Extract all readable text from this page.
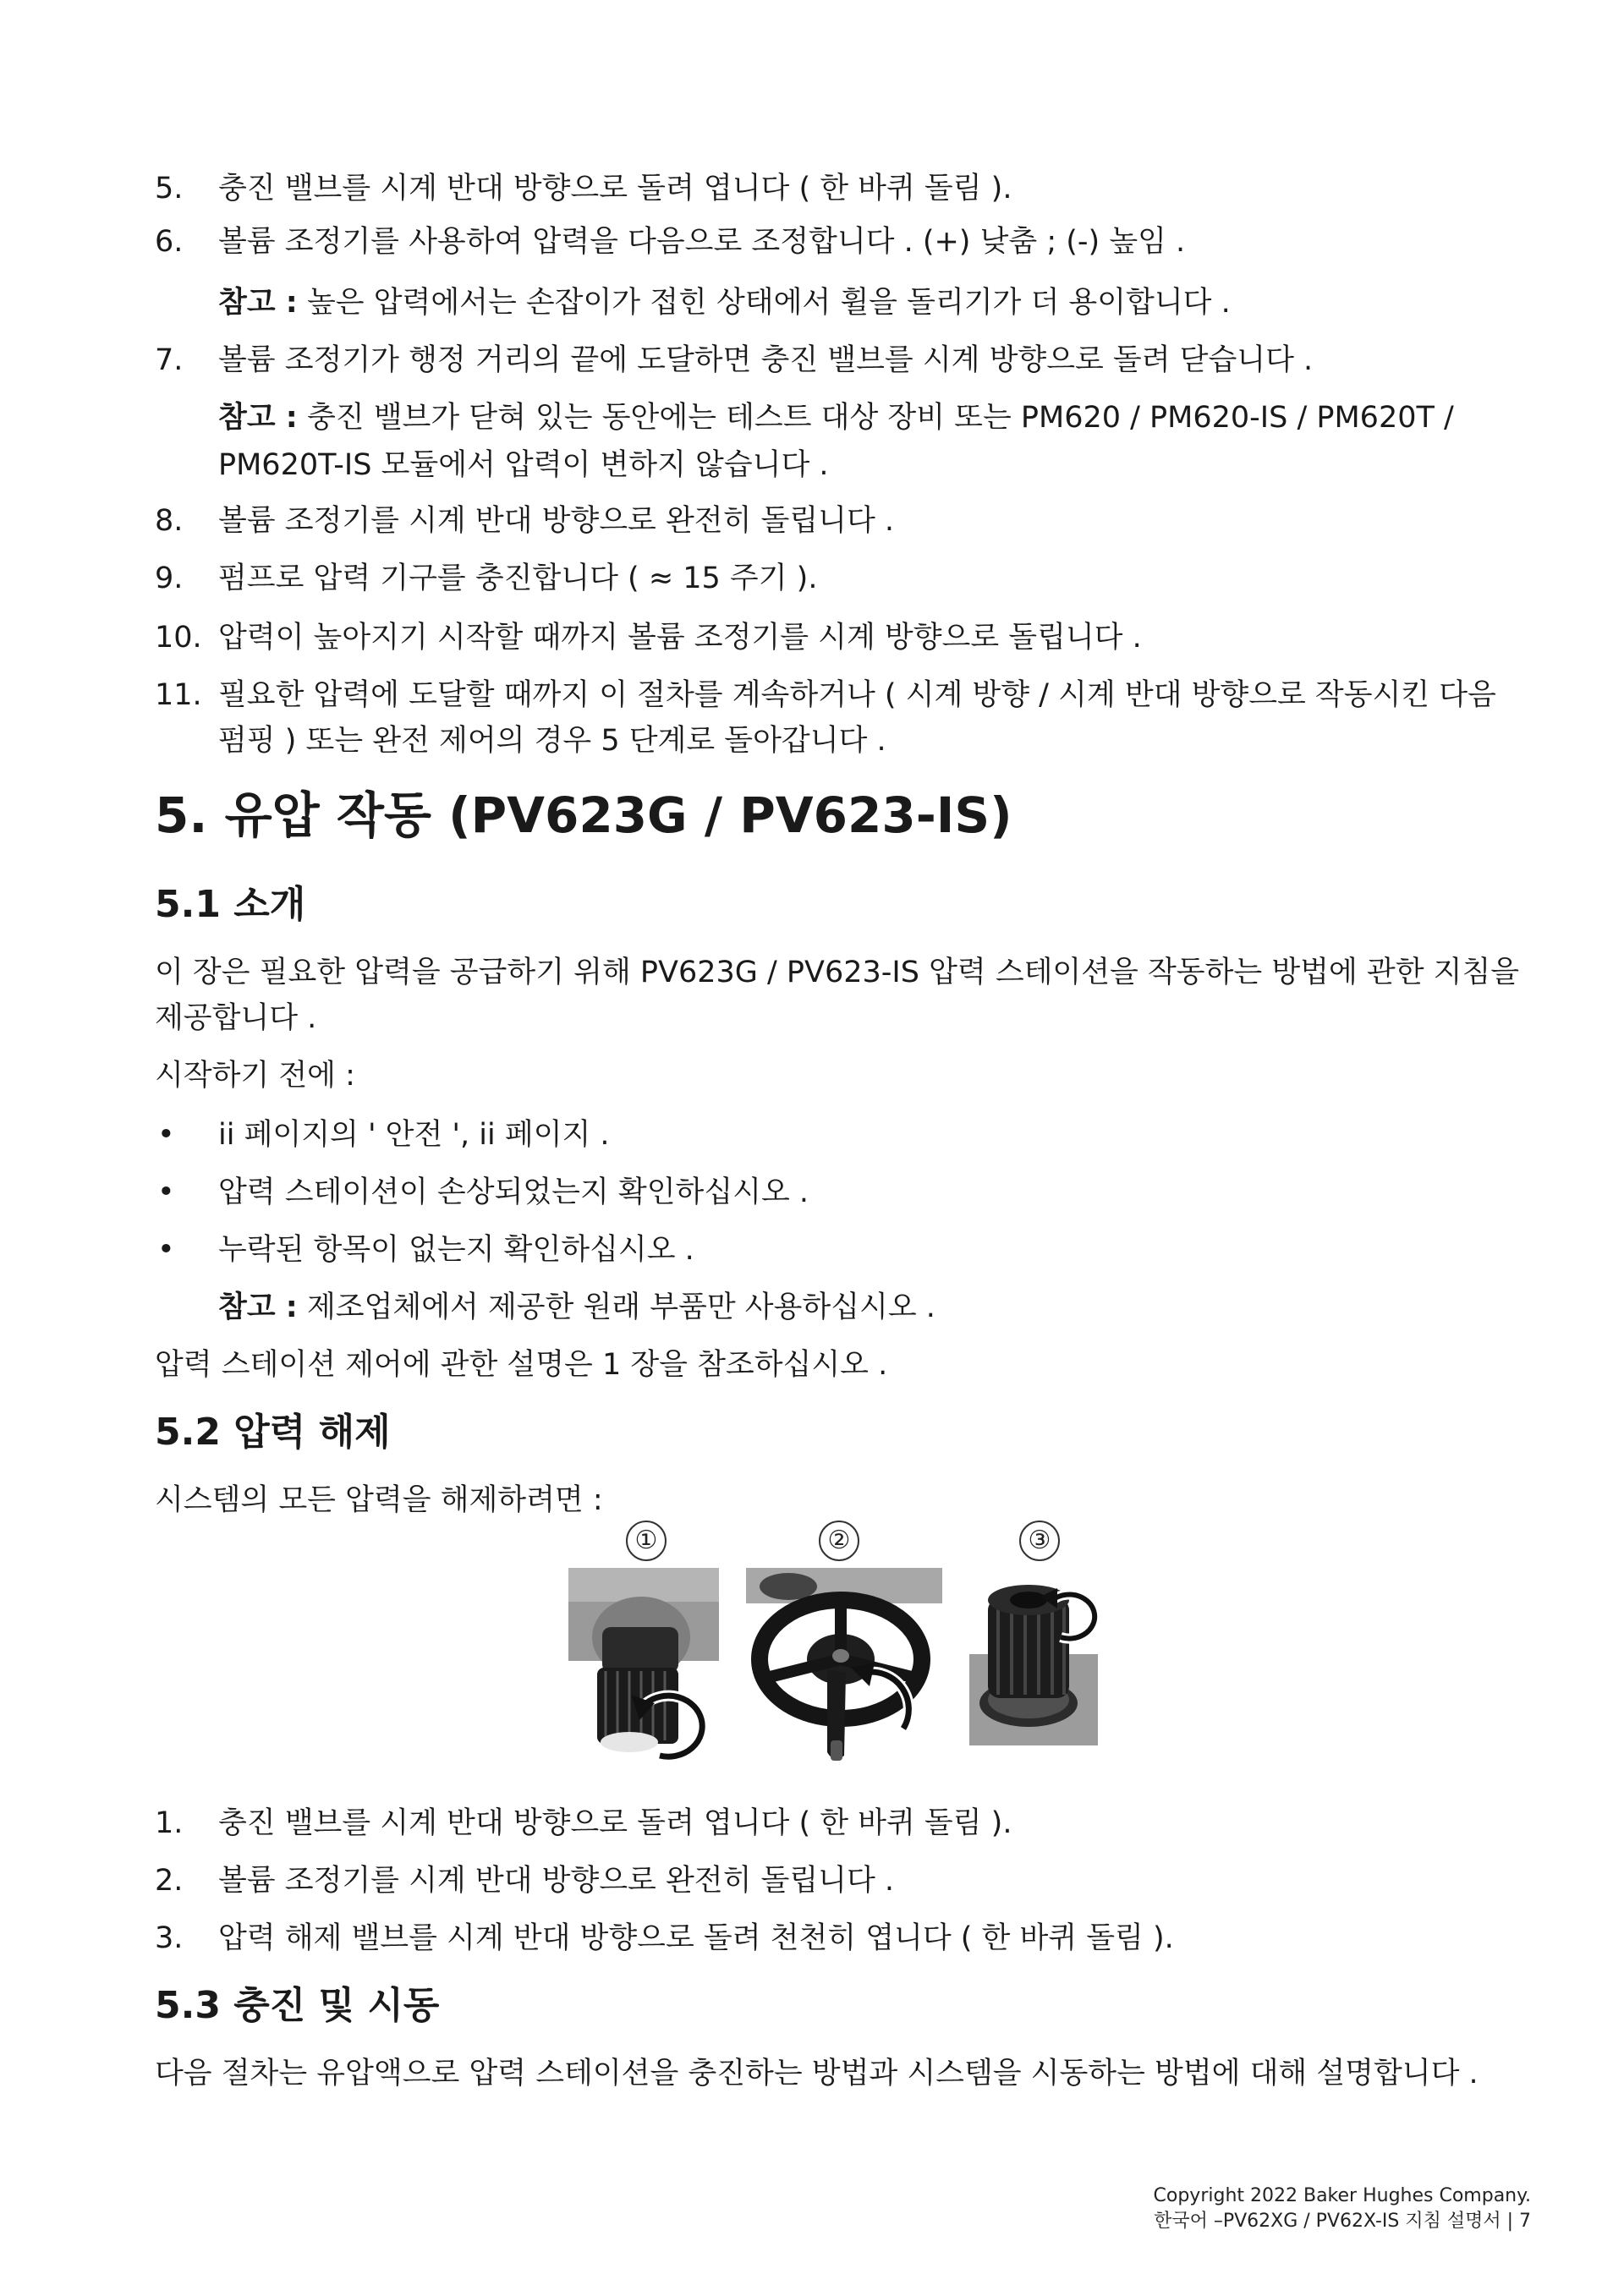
5. 충진 밸브를 시계 반대 방향으로 돌려 엽니다 ( 한 바퀴 돌림 ).
6. 볼륨 조정기를 사용하여 압력을 다음으로 조정합니다 . (+) 낮춤 ; (-) 높임 .
참고 : 높은 압력에서는 손잡이가 접힌 상태에서 휠을 돌리기가 더 용이합니다 .
7. 볼륨 조정기가 행정 거리의 끝에 도달하면 충진 밸브를 시계 방향으로 돌려 닫습니다 .
참고 : 충진 밸브가 닫혀 있는 동안에는 테스트 대상 장비 또는 PM620 / PM620-IS / PM620T /
PM620T-IS 모듈에서 압력이 변하지 않습니다 .
8. 볼륨 조정기를 시계 반대 방향으로 완전히 돌립니다 .
9. 펌프로 압력 기구를 충진합니다 ( ≈ 15 주기 ).
10. 압력이 높아지기 시작할 때까지 볼륨 조정기를 시계 방향으로 돌립니다 .
11. 필요한 압력에 도달할 때까지 이 절차를 계속하거나 ( 시계 방향 / 시계 반대 방향으로 작동시킨 다음
펌핑 ) 또는 완전 제어의 경우 5 단계로 돌아갑니다 .
5. 유압 작동 (PV623G / PV623-IS)
5.1 소개
이 장은 필요한 압력을 공급하기 위해 PV623G / PV623-IS 압력 스테이션을 작동하는 방법에 관한 지침을
제공합니다 .
시작하기 전에 :
• ii 페이지의 ' 안전 ', ii 페이지 .
• 압력 스테이션이 손상되었는지 확인하십시오 .
• 누락된 항목이 없는지 확인하십시오 .
참고 : 제조업체에서 제공한 원래 부품만 사용하십시오 .
압력 스테이션 제어에 관한 설명은 1 장을 참조하십시오 .
5.2 압력 해제
시스템의 모든 압력을 해제하려면 :
①	②	③
1. 충진 밸브를 시계 반대 방향으로 돌려 엽니다 ( 한 바퀴 돌림 ).
2. 볼륨 조정기를 시계 반대 방향으로 완전히 돌립니다 .
3. 압력 해제 밸브를 시계 반대 방향으로 돌려 천천히 엽니다 ( 한 바퀴 돌림 ).
5.3 충진 및 시동
다음 절차는 유압액으로 압력 스테이션을 충진하는 방법과 시스템을 시동하는 방법에 대해 설명합니다 .
Copyright 2022 Baker Hughes Company.
한국어 –PV62XG / PV62X-IS 지침 설명서 | 7
